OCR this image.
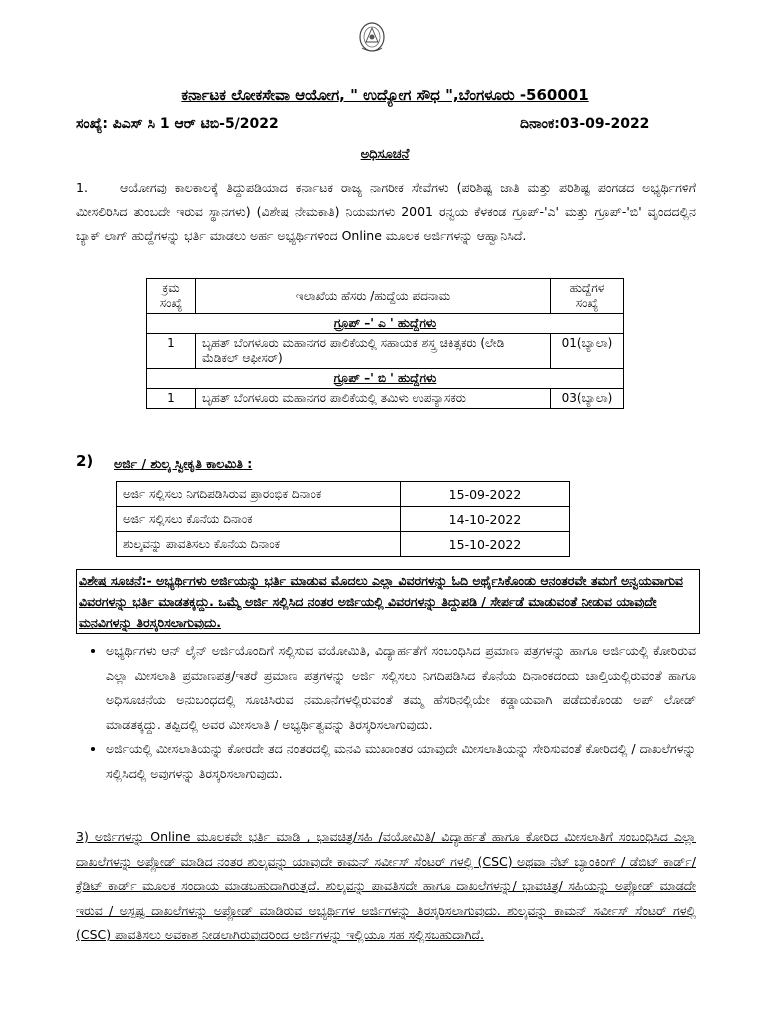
ಕರ್ನಾಟಕ ಲೋಕಸೇವಾ ಆಯೋಗ, " ಉದ್ಯೋಗ ಸೌಧ ",ಬೆಂಗಳೂರು -560001
ಸಂಖ್ಯೆ: ಪಿಎಸ್ ಸಿ 1 ಆರ್ ಟಿಬಿ-5/2022	ದಿನಾಂಕ:03-09-2022
ಅಧಿಸೂಚನೆ
1.	ಆಯೋಗವು ಕಾಲಕಾಲಕ್ಕೆ ತಿದ್ದುಪಡಿಯಾದ ಕರ್ನಾಟಕ ರಾಜ್ಯ ನಾಗರೀಕ ಸೇವೆಗಳು (ಪರಿಶಿಷ್ಟ ಜಾತಿ ಮತ್ತು ಪರಿಶಿಷ್ಟ ಪಂಗಡದ ಅಭ್ಯರ್ಥಿಗಳಿಗೆ ಮೀಸಲಿರಿಸಿದ ತುಂಬದೇ ಇರುವ ಸ್ಥಾನಗಳು) (ವಿಶೇಷ ನೇಮಕಾತಿ) ನಿಯಮಗಳು 2001 ರನ್ವಯ ಕೆಳಕಂಡ ಗ್ರೂಪ್-'ಎ' ಮತ್ತು ಗ್ರೂಪ್-'ಬಿ' ವೃಂದದಲ್ಲಿನ ಬ್ಯಾಕ್ ಲಾಗ್ ಹುದ್ದೆಗಳನ್ನು ಭರ್ತಿ ಮಾಡಲು ಅರ್ಹ ಅಭ್ಯರ್ಥಿಗಳಿಂದ Online ಮೂಲಕ ಅರ್ಜಿಗಳನ್ನು ಆಹ್ವಾನಿಸಿದೆ.
ಕ್ರಮ ಸಂಖ್ಯೆ	ಇಲಾಖೆಯ ಹೆಸರು /ಹುದ್ದೆಯ ಪದನಾಮ	ಹುದ್ದೆಗಳ ಸಂಖ್ಯೆ
ಗ್ರೂಪ್ –' ಎ ' ಹುದ್ದೆಗಳು		
1	ಬೃಹತ್ ಬೆಂಗಳೂರು ಮಹಾನಗರ ಪಾಲಿಕೆಯಲ್ಲಿ ಸಹಾಯಕ ಶಸ್ತ್ರ ಚಿಕಿತ್ಸಕರು (ಲೇಡಿ ಮೆಡಿಕಲ್ ಆಫೀಸರ್)	01(ಬ್ಯಾಲಾ)
ಗ್ರೂಪ್ –' ಬಿ ' ಹುದ್ದೆಗಳು		
1	ಬೃಹತ್ ಬೆಂಗಳೂರು ಮಹಾನಗರ ಪಾಲಿಕೆಯಲ್ಲಿ ತಮಿಳು ಉಪನ್ಯಾಸಕರು	03(ಬ್ಯಾಲಾ)
2) ಅರ್ಜಿ / ಶುಲ್ಕ ಸ್ವೀಕೃತಿ ಕಾಲಮಿತಿ :
ಅರ್ಜಿ ಸಲ್ಲಿಸಲು ನಿಗದಿಪಡಿಸಿರುವ ಪ್ರಾರಂಭಿಕ ದಿನಾಂಕ	15-09-2022
ಅರ್ಜಿ ಸಲ್ಲಿಸಲು ಕೊನೆಯ ದಿನಾಂಕ	14-10-2022
ಶುಲ್ಕವನ್ನು ಪಾವತಿಸಲು ಕೊನೆಯ ದಿನಾಂಕ	15-10-2022
ವಿಶೇಷ ಸೂಚನೆ:- ಅಭ್ಯರ್ಥಿಗಳು ಅರ್ಜಿಯನ್ನು ಭರ್ತಿ ಮಾಡುವ ಮೊದಲು ಎಲ್ಲಾ ವಿವರಗಳನ್ನು ಓದಿ ಅರ್ಥೈಸಿಕೊಂಡು ಆನಂತರವೇ ತಮಗೆ ಅನ್ವಯವಾಗುವ ವಿವರಗಳನ್ನು ಭರ್ತಿ ಮಾಡತಕ್ಕದ್ದು. ಒಮ್ಮೆ ಅರ್ಜಿ ಸಲ್ಲಿಸಿದ ನಂತರ ಅರ್ಜಿಯಲ್ಲಿ ವಿವರಗಳನ್ನು ತಿದ್ದುಪಡಿ / ಸೇರ್ಪಡೆ ಮಾಡುವಂತೆ ನೀಡುವ ಯಾವುದೇ ಮನವಿಗಳನ್ನು ತಿರಸ್ಕರಿಸಲಾಗುವುದು.
• ಅಭ್ಯರ್ಥಿಗಳು ಆನ್ ಲೈನ್ ಅರ್ಜಿಯೊಂದಿಗೆ ಸಲ್ಲಿಸುವ ವಯೋಮಿತಿ, ವಿದ್ಯಾರ್ಹತೆಗೆ ಸಂಬಂಧಿಸಿದ ಪ್ರಮಾಣ ಪತ್ರಗಳನ್ನು ಹಾಗೂ ಅರ್ಜಿಯಲ್ಲಿ ಕೋರಿರುವ ಎಲ್ಲಾ ಮೀಸಲಾತಿ ಪ್ರಮಾಣಪತ್ರ/ಇತರೆ ಪ್ರಮಾಣ ಪತ್ರಗಳನ್ನು ಅರ್ಜಿ ಸಲ್ಲಿಸಲು ನಿಗದಿಪಡಿಸಿದ ಕೊನೆಯ ದಿನಾಂಕದಂದು ಚಾಲ್ತಿಯಲ್ಲಿರುವಂತೆ ಹಾಗೂ ಅಧಿಸೂಚನೆಯ ಅನುಬಂಧದಲ್ಲಿ ಸೂಚಿಸಿರುವ ನಮೂನೆಗಳಲ್ಲಿರುವಂತೆ ತಮ್ಮ ಹೆಸರಿನಲ್ಲಿಯೇ ಕಡ್ಡಾಯವಾಗಿ ಪಡೆದುಕೊಂಡು ಅಪ್ ಲೋಡ್ ಮಾಡತಕ್ಕದ್ದು. ತಪ್ಪಿದಲ್ಲಿ ಅವರ ಮೀಸಲಾತಿ / ಅಭ್ಯರ್ಥಿತ್ವವನ್ನು ತಿರಸ್ಕರಿಸಲಾಗುವುದು.
• ಅರ್ಜಿಯಲ್ಲಿ ಮೀಸಲಾತಿಯನ್ನು ಕೋರದೇ ತದ ನಂತರದಲ್ಲಿ ಮನವಿ ಮುಖಾಂತರ ಯಾವುದೇ ಮೀಸಲಾತಿಯನ್ನು ಸೇರಿಸುವಂತೆ ಕೋರಿದಲ್ಲಿ / ದಾಖಲೆಗಳನ್ನು ಸಲ್ಲಿಸಿದಲ್ಲಿ ಅವುಗಳನ್ನು ತಿರಸ್ಕರಿಸಲಾಗುವುದು.
3) ಅರ್ಜಿಗಳನ್ನು Online ಮೂಲಕವೇ ಭರ್ತಿ ಮಾಡಿ , ಭಾವಚಿತ್ರ/ಸಹಿ /ವಯೋಮಿತಿ/ ವಿದ್ಯಾರ್ಹತೆ ಹಾಗೂ ಕೋರಿದ ಮೀಸಲಾತಿಗೆ ಸಂಬಂಧಿಸಿದ ಎಲ್ಲಾ ದಾಖಲೆಗಳನ್ನು ಅಪ್ಲೋಡ್ ಮಾಡಿದ ನಂತರ ಶುಲ್ಕವನ್ನು ಯಾವುದೇ ಕಾಮನ್ ಸರ್ವೀಸ್ ಸೆಂಟರ್ ಗಳಲ್ಲಿ (CSC) ಅಥವಾ ನೆಟ್ ಬ್ಯಾಂಕಿಂಗ್ / ಡೆಬಿಟ್ ಕಾರ್ಡ್/ ಕ್ರೆಡಿಟ್ ಕಾರ್ಡ್ ಮೂಲಕ ಸಂದಾಯ ಮಾಡಬಹುದಾಗಿರುತ್ತದೆ. ಶುಲ್ಕವನ್ನು ಪಾವತಿಸದೇ ಹಾಗೂ ದಾಖಲೆಗಳನ್ನು/ ಭಾವಚಿತ್ರ/ ಸಹಿಯನ್ನು ಅಪ್ಲೋಡ್ ಮಾಡದೇ ಇರುವ / ಅಸ್ಪಷ್ಟ ದಾಖಲೆಗಳನ್ನು ಅಪ್ಲೋಡ್ ಮಾಡಿರುವ ಅಭ್ಯರ್ಥಿಗಳ ಅರ್ಜಿಗಳನ್ನು ತಿರಸ್ಕರಿಸಲಾಗುವುದು. ಶುಲ್ಕವನ್ನು ಕಾಮನ್ ಸರ್ವೀಸ್ ಸೆಂಟರ್ ಗಳಲ್ಲಿ (CSC) ಪಾವತಿಸಲು ಅವಕಾಶ ನೀಡಲಾಗಿರುವುದರಿಂದ ಅರ್ಜಿಗಳನ್ನು ಇಲ್ಲಿಯೂ ಸಹ ಸಲ್ಲಿಸಬಹುದಾಗಿದೆ.
